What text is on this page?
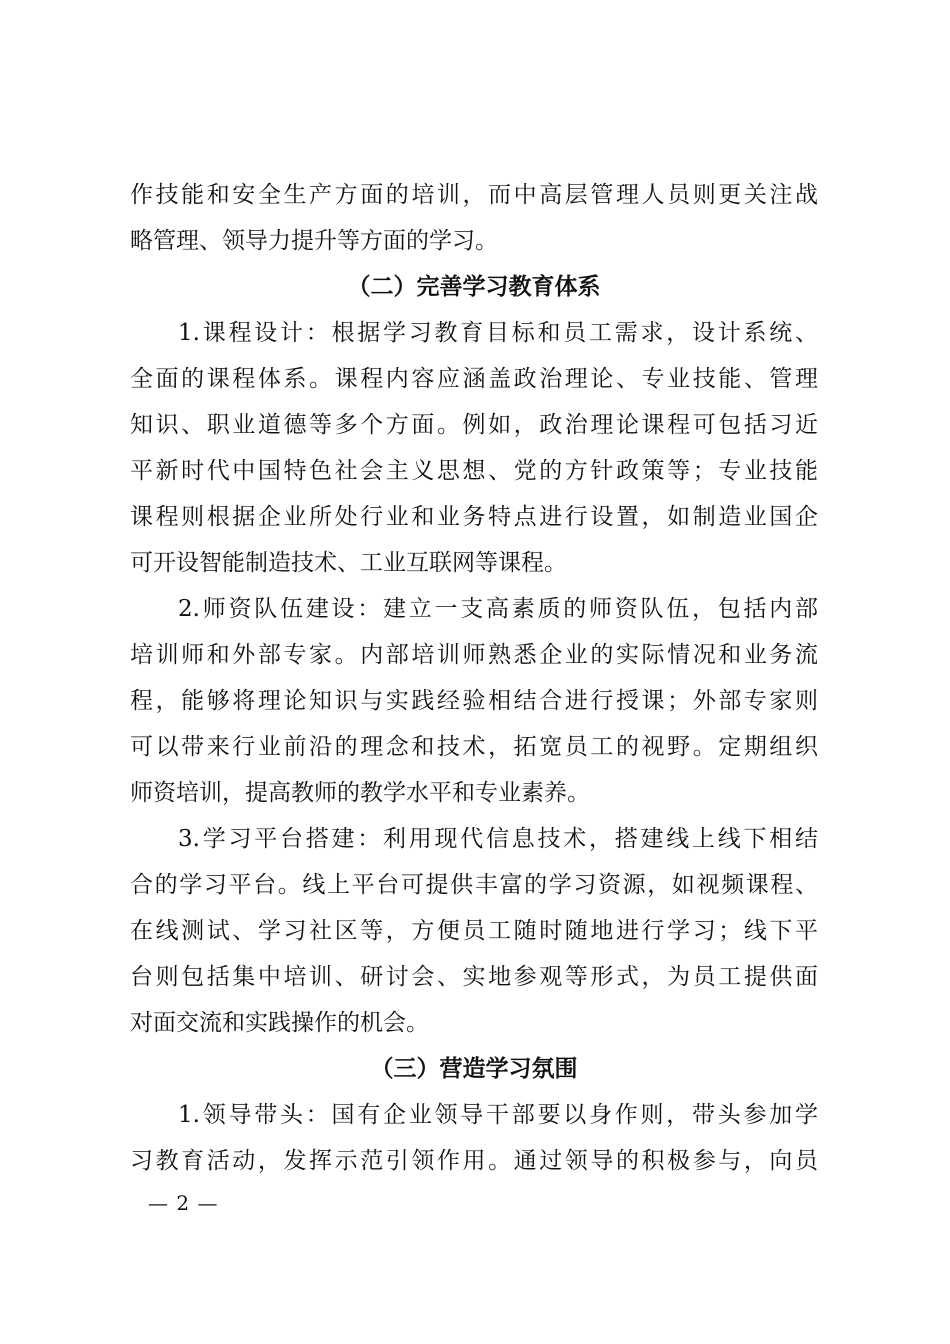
作技能和安全生产方面的培训，而中高层管理人员则更关注战
略管理、领导力提升等方面的学习。
（二）完善学习教育体系
1.课程设计：根据学习教育目标和员工需求，设计系统、
全面的课程体系。课程内容应涵盖政治理论、专业技能、管理
知识、职业道德等多个方面。例如，政治理论课程可包括习近
平新时代中国特色社会主义思想、党的方针政策等；专业技能
课程则根据企业所处行业和业务特点进行设置，如制造业国企
可开设智能制造技术、工业互联网等课程。
2.师资队伍建设：建立一支高素质的师资队伍，包括内部
培训师和外部专家。内部培训师熟悉企业的实际情况和业务流
程，能够将理论知识与实践经验相结合进行授课；外部专家则
可以带来行业前沿的理念和技术，拓宽员工的视野。定期组织
师资培训，提高教师的教学水平和专业素养。
3.学习平台搭建：利用现代信息技术，搭建线上线下相结
合的学习平台。线上平台可提供丰富的学习资源，如视频课程、
在线测试、学习社区等，方便员工随时随地进行学习；线下平
台则包括集中培训、研讨会、实地参观等形式，为员工提供面
对面交流和实践操作的机会。
（三）营造学习氛围
1.领导带头：国有企业领导干部要以身作则，带头参加学
习教育活动，发挥示范引领作用。通过领导的积极参与，向员
— 2 —
